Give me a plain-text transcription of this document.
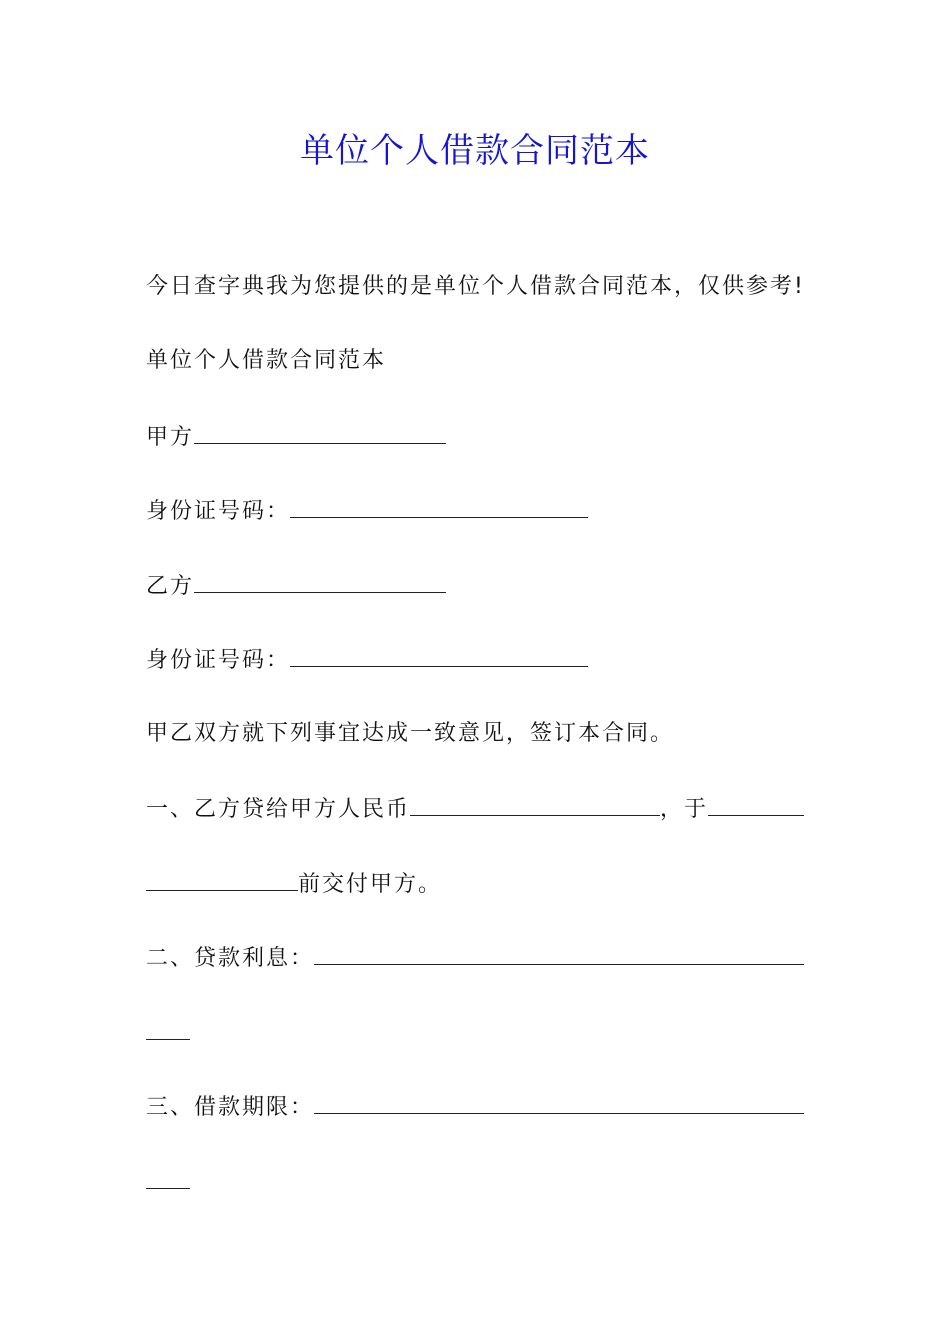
单位个人借款合同范本
今日查字典我为您提供的是单位个人借款合同范本，仅供参考!
单位个人借款合同范本
甲方
身份证号码：
乙方
身份证号码：
甲乙双方就下列事宜达成一致意见，签订本合同。
一、乙方贷给甲方人民币	，于
前交付甲方。
二、贷款利息：
三、借款期限：
